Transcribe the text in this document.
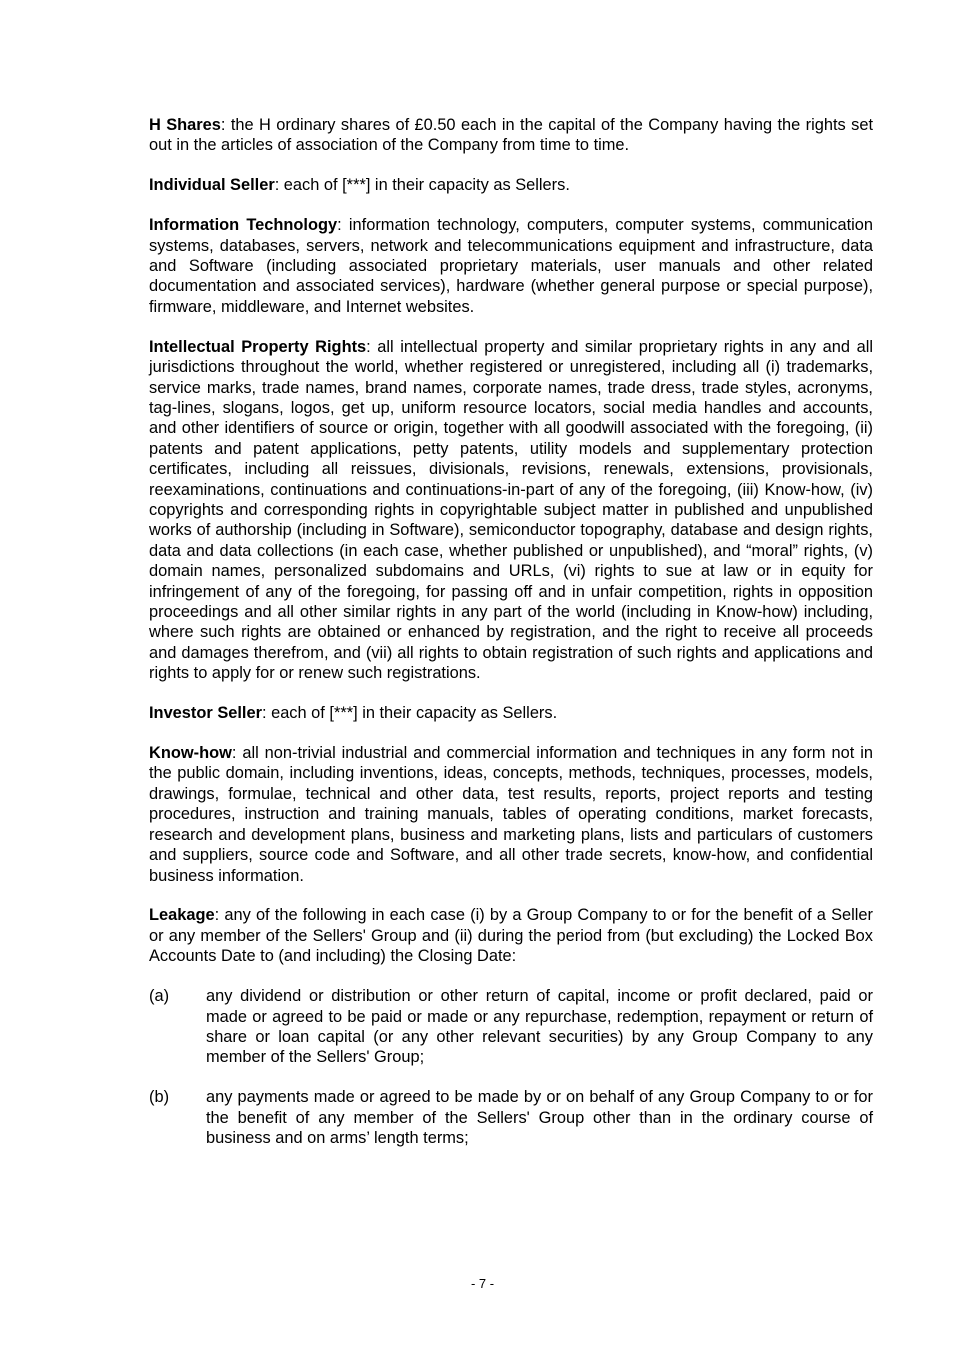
H Shares: the H ordinary shares of £0.50 each in the capital of the Company having the rights set out in the articles of association of the Company from time to time.

Individual Seller: each of [***] in their capacity as Sellers.

Information Technology: information technology, computers, computer systems, communication systems, databases, servers, network and telecommunications equipment and infrastructure, data and Software (including associated proprietary materials, user manuals and other related documentation and associated services), hardware (whether general purpose or special purpose), firmware, middleware, and Internet websites.

Intellectual Property Rights: all intellectual property and similar proprietary rights in any and all jurisdictions throughout the world, whether registered or unregistered, including all (i) trademarks, service marks, trade names, brand names, corporate names, trade dress, trade styles, acronyms, tag-lines, slogans, logos, get up, uniform resource locators, social media handles and accounts, and other identifiers of source or origin, together with all goodwill associated with the foregoing, (ii) patents and patent applications, petty patents, utility models and supplementary protection certificates, including all reissues, divisionals, revisions, renewals, extensions, provisionals, reexaminations, continuations and continuations-in-part of any of the foregoing, (iii) Know-how, (iv) copyrights and corresponding rights in copyrightable subject matter in published and unpublished works of authorship (including in Software), semiconductor topography, database and design rights, data and data collections (in each case, whether published or unpublished), and “moral” rights, (v) domain names, personalized subdomains and URLs, (vi) rights to sue at law or in equity for infringement of any of the foregoing, for passing off and in unfair competition, rights in opposition proceedings and all other similar rights in any part of the world (including in Know-how) including, where such rights are obtained or enhanced by registration, and the right to receive all proceeds and damages therefrom, and (vii) all rights to obtain registration of such rights and applications and rights to apply for or renew such registrations.

Investor Seller: each of [***] in their capacity as Sellers.

Know-how: all non-trivial industrial and commercial information and techniques in any form not in the public domain, including inventions, ideas, concepts, methods, techniques, processes, models, drawings, formulae, technical and other data, test results, reports, project reports and testing procedures, instruction and training manuals, tables of operating conditions, market forecasts, research and development plans, business and marketing plans, lists and particulars of customers and suppliers, source code and Software, and all other trade secrets, know-how, and confidential business information.

Leakage: any of the following in each case (i) by a Group Company to or for the benefit of a Seller or any member of the Sellers' Group and (ii) during the period from (but excluding) the Locked Box Accounts Date to (and including) the Closing Date:

(a)	any dividend or distribution or other return of capital, income or profit declared, paid or made or agreed to be paid or made or any repurchase, redemption, repayment or return of share or loan capital (or any other relevant securities) by any Group Company to any member of the Sellers' Group;
(b)	any payments made or agreed to be made by or on behalf of any Group Company to or for the benefit of any member of the Sellers' Group other than in the ordinary course of business and on arms’ length terms;
- 7 -
